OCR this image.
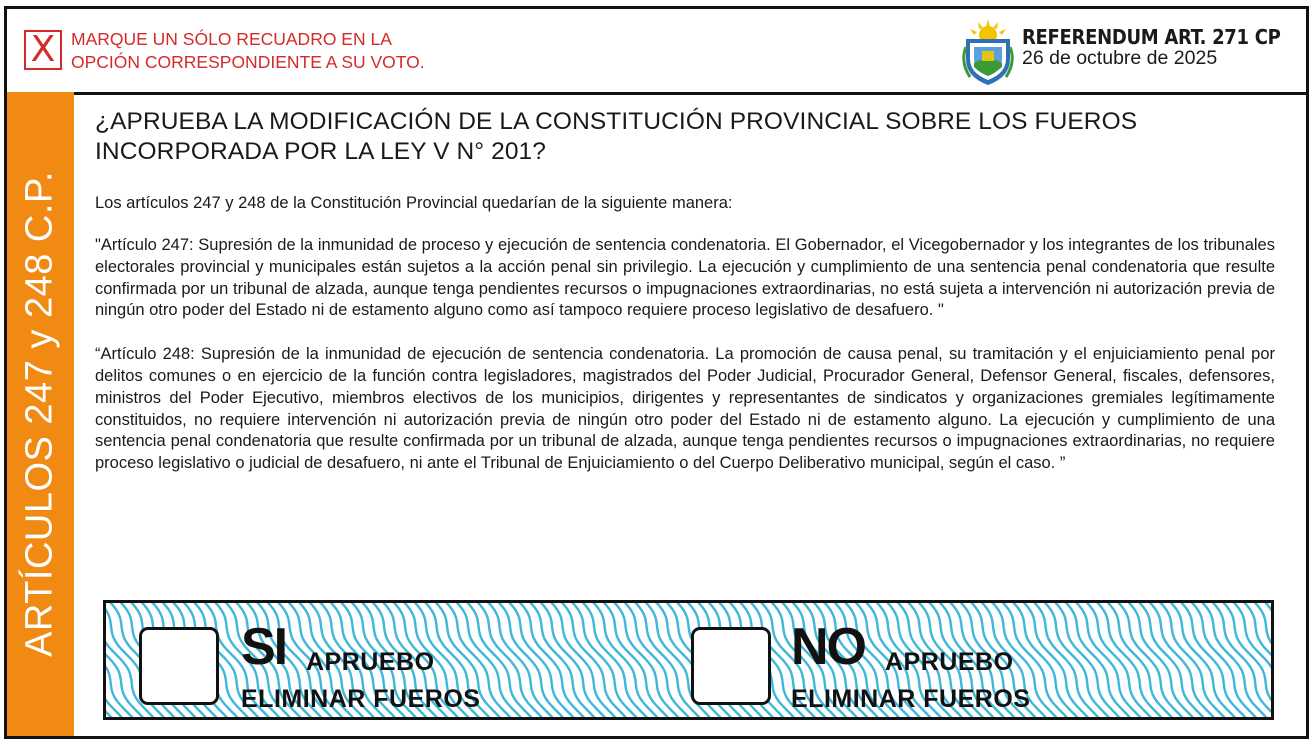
X MARQUE UN SÓLO RECUADRO EN LA
OPCIÓN CORRESPONDIENTE A SU VOTO.
REFERENDUM ART. 271 CP
26 de octubre de 2025
ARTÍCULOS 247 y 248 C.P.
¿APRUEBA LA MODIFICACIÓN DE LA CONSTITUCIÓN PROVINCIAL SOBRE LOS FUEROS
INCORPORADA POR LA LEY V N° 201?

Los artículos 247 y 248 de la Constitución Provincial quedarían de la siguiente manera:

"Artículo 247: Supresión de la inmunidad de proceso y ejecución de sentencia condenatoria. El Gobernador, el Vicegobernador y los integrantes de los tribunales electorales provincial y municipales están sujetos a la acción penal sin privilegio. La ejecución y cumplimiento de una sentencia penal condenatoria que resulte confirmada por un tribunal de alzada, aunque tenga pendientes recursos o impugnaciones extraordinarias, no está sujeta a intervención ni autorización previa de ningún otro poder del Estado ni de estamento alguno como así tampoco requiere proceso legislativo de desafuero. "

“Artículo 248: Supresión de la inmunidad de ejecución de sentencia condenatoria. La promoción de causa penal, su tramitación y el enjuiciamiento penal por delitos comunes o en ejercicio de la función contra legisladores, magistrados del Poder Judicial, Procurador General, Defensor General, fiscales, defensores, ministros del Poder Ejecutivo, miembros electivos de los municipios, dirigentes y representantes de sindicatos y organizaciones gremiales legítimamente constituidos, no requiere intervención ni autorización previa de ningún otro poder del Estado ni de estamento alguno. La ejecución y cumplimiento de una sentencia penal condenatoria que resulte confirmada por un tribunal de alzada, aunque tenga pendientes recursos o impugnaciones extraordinarias, no requiere proceso legislativo o judicial de desafuero, ni ante el Tribunal de Enjuiciamiento o del Cuerpo Deliberativo municipal, según el caso. ”

SI APRUEBO
ELIMINAR FUEROS
NO APRUEBO
ELIMINAR FUEROS
